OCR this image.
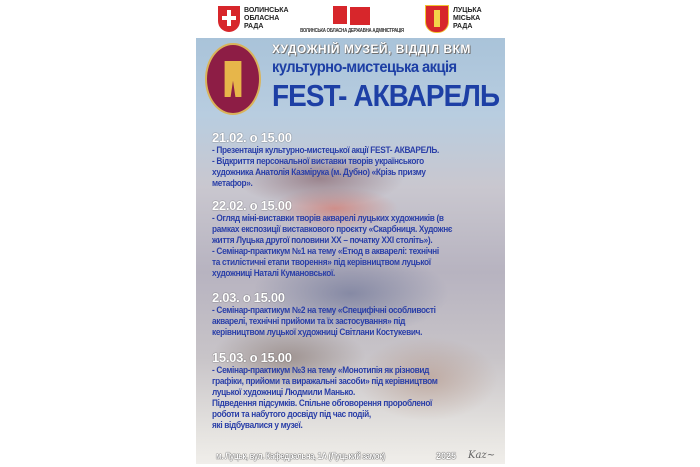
ВОЛИНСЬКА
ОБЛАСНА
РАДА
ВОЛИНСЬКА ОБЛАСНА ДЕРЖАВНА АДМІНІСТРАЦІЯ
ЛУЦЬКА
МІСЬКА
РАДА
ХУДОЖНІЙ МУЗЕЙ, ВІДДІЛ ВКМ
культурно-мистецька акція
FEST- АКВАРЕЛЬ
21.02. о 15.00
- Презентація культурно-мистецької акції FEST- АКВАРЕЛЬ.
- Відкриття персональної виставки творів українського
художника Анатолія Казмірука (м. Дубно) «Крізь призму
метафор».
22.02. о 15.00
- Огляд міні-виставки творів акварелі луцьких художників (в
рамках експозиції виставкового проєкту «Скарбниця. Художнє
життя Луцька другої половини ХХ – початку ХХІ століть»).
- Семінар-практикум №1 на тему «Етюд в акварелі: технічні
та стилістичні етапи творення» під керівництвом луцької
художниці Наталі Кумановської.
2.03. о 15.00
- Семінар-практикум №2 на тему «Специфічні особливості
акварелі, технічні прийоми та їх застосування» під
керівництвом луцької художниці Світлани Костукевич.
15.03. о 15.00
- Семінар-практикум №3 на тему «Монотипія як різновид
графіки, прийоми та виражальні засоби» під керівництвом
луцької художниці Людмили Манько.
Підведення підсумків. Спільне обговорення проробленої
роботи та набутого досвіду під час подій,
які відбувалися у музеї.
м. Луцьк, вул. Кафедральна, 1А (Луцький замок)	2025 Kaz~
